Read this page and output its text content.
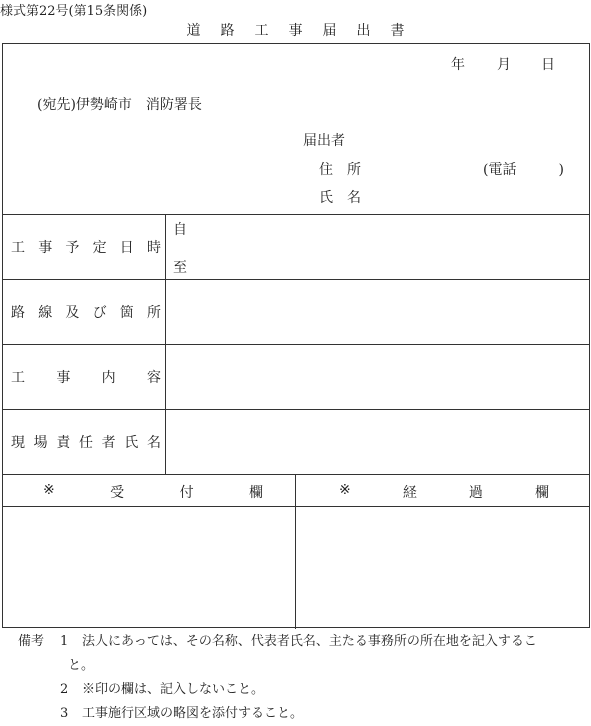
様式第22号(第15条関係)
道 路 工 事 届 出 書
年 月 日
(宛先)伊勢崎市　消防署長
届出者
住　所	(電話　　　)
氏　名
工 事 予 定 日 時
自
至
路 線 及 び 箇 所
工 事 内 容
現 場 責 任 者 氏 名
※	受	付	欄	※	経	過	欄
備考	1	法人にあっては、その名称、代表者氏名、主たる事務所の所在地を記入するこ
と。
2	※印の欄は、記入しないこと。
3	工事施行区域の略図を添付すること。
